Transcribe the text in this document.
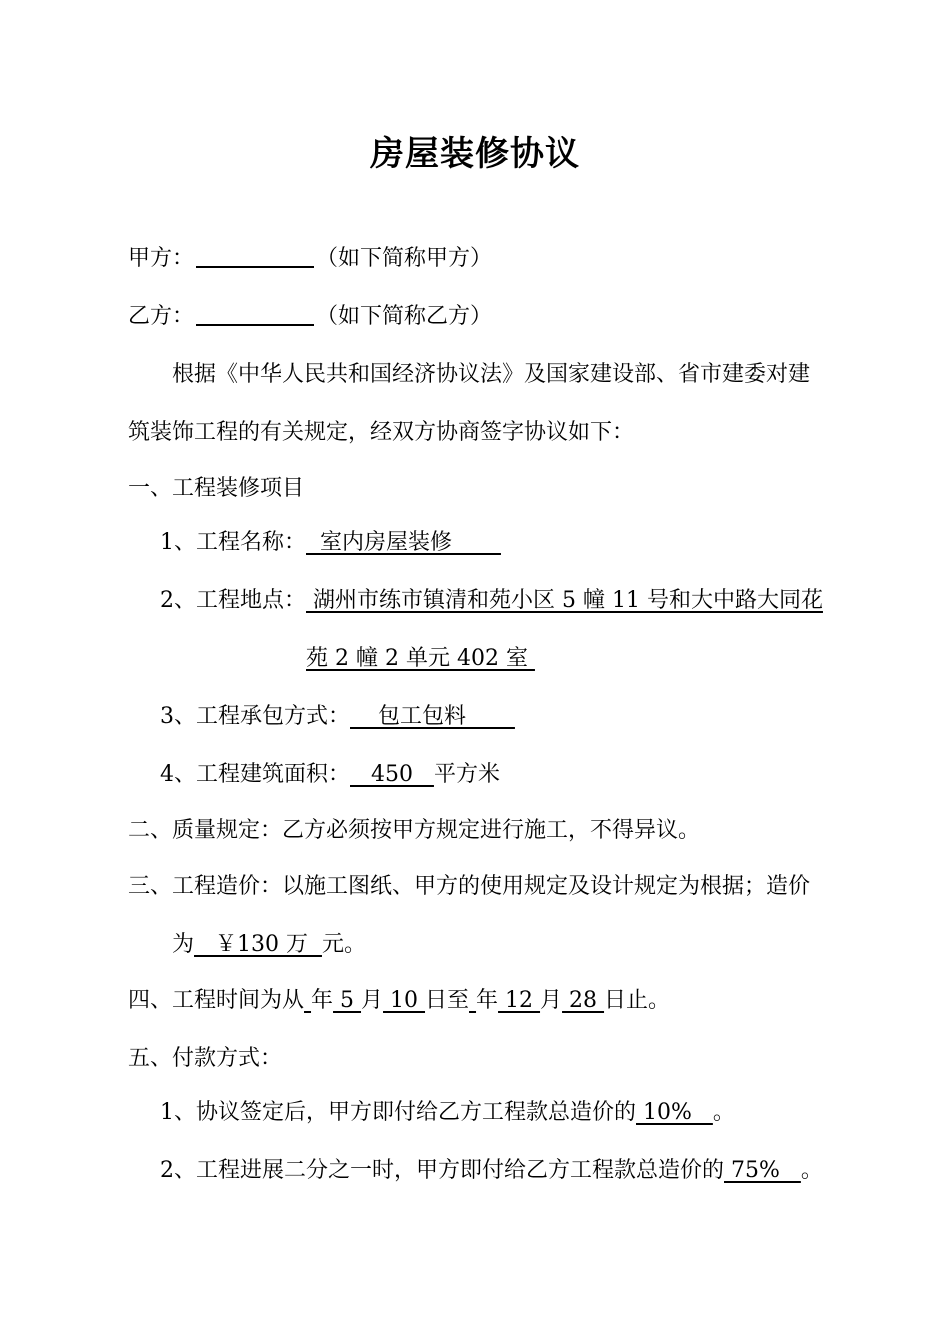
房屋装修协议
甲方：	（如下简称甲方）
乙方：	（如下简称乙方）
根据《中华人民共和国经济协议法》及国家建设部、省市建委对建
筑装饰工程的有关规定，经双方协商签字协议如下：
一、工程装修项目
1、工程名称：  室内房屋装修
2、工程地点： 湖州市练市镇清和苑小区 5 幢 11 号和大中路大同花
苑 2 幢 2 单元 402 室
3、工程承包方式：    包工包料
4、工程建筑面积：   450   平方米
二、质量规定：乙方必须按甲方规定进行施工，不得异议。
三、工程造价：以施工图纸、甲方的使用规定及设计规定为根据；造价
为   ￥130 万  元。
四、工程时间为从 年 5 月 10 日至 年 12 月 28 日止。
五、付款方式：
1、协议签定后，甲方即付给乙方工程款总造价的 10%   。
2、工程进展二分之一时，甲方即付给乙方工程款总造价的 75%   。
